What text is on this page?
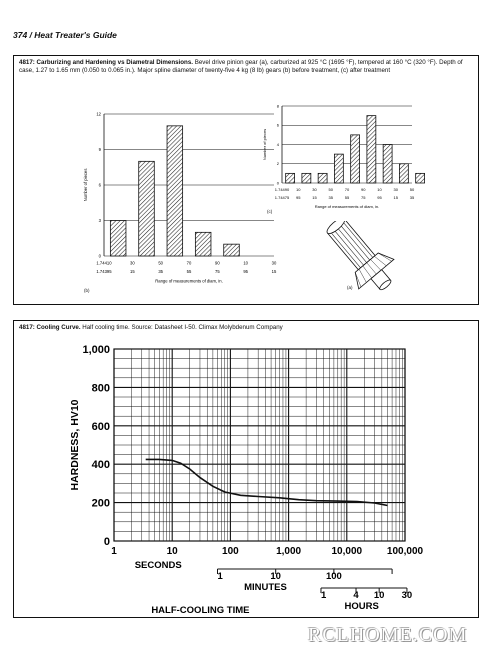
374 / Heat Treater's Guide
4817: Carburizing and Hardening vs Diametral Dimensions. Bevel drive pinion gear (a), carburized at 925 °C (1695 °F), tempered at 160 °C (320 °F). Depth of case, 1.27 to 1.65 mm (0.050 to 0.065 in.). Major spline diameter of twenty-five 4 kg (8 lb) gears (b) before treatment, (c) after treatment
0
3
6
9
12
1.74410	30	50	70	90	10	30
1.74395	15	35	55	75	95	15
Range of measurements of diam, in.
Number of pieces
(b)
0
2
4
6
8
1.74490 10	30	50	70	90	10	30	50
1.74475 95	15	35	55	75	95	15	35
Range of measurements of diam, in.
Number of pieces
(c)
(a)
4817: Cooling Curve. Half cooling time. Source: Datasheet I-50. Climax Molybdenum Company
0
200
400
600
800
1,000
1	10	100	1,000	10,000 100,000
HARDNESS, HV10
SECONDS
1	10	100
MINUTES
1	4 10 30
HOURS
HALF-COOLING TIME
RCLHOME.COM
